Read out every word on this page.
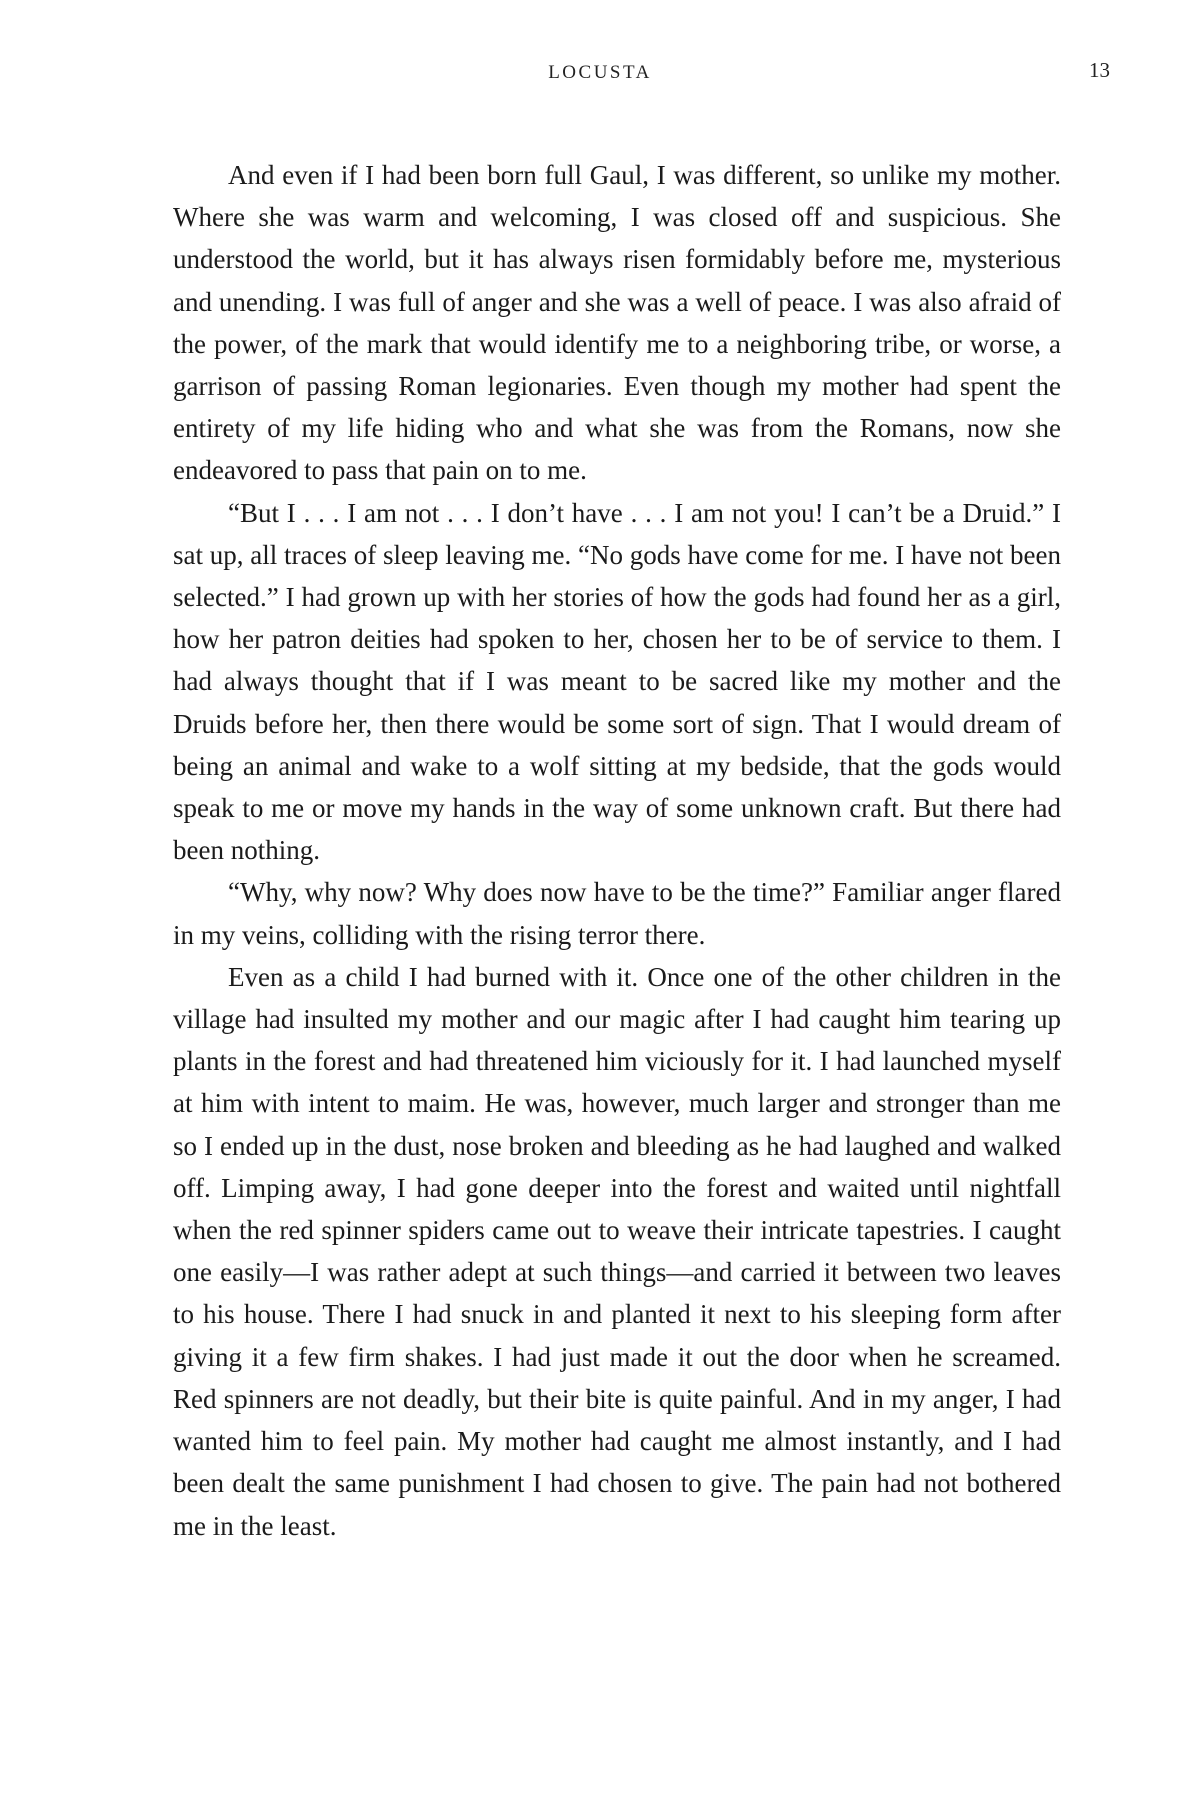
LOCUSTA	13

And even if I had been born full Gaul, I was different, so unlike my mother. Where she was warm and welcoming, I was closed off and suspicious. She understood the world, but it has always risen formidably before me, mysterious and unending. I was full of anger and she was a well of peace. I was also afraid of the power, of the mark that would identify me to a neighboring tribe, or worse, a garrison of passing Roman legionaries. Even though my mother had spent the entirety of my life hiding who and what she was from the Romans, now she endeavored to pass that pain on to me.

“But I . . . I am not . . . I don’t have . . . I am not you! I can’t be a Druid.” I sat up, all traces of sleep leaving me. “No gods have come for me. I have not been selected.” I had grown up with her stories of how the gods had found her as a girl, how her patron deities had spoken to her, chosen her to be of service to them. I had always thought that if I was meant to be sacred like my mother and the Druids before her, then there would be some sort of sign. That I would dream of being an animal and wake to a wolf sitting at my bedside, that the gods would speak to me or move my hands in the way of some unknown craft. But there had been nothing.

“Why, why now? Why does now have to be the time?” Familiar anger flared in my veins, colliding with the rising terror there.

Even as a child I had burned with it. Once one of the other children in the village had insulted my mother and our magic after I had caught him tearing up plants in the forest and had threatened him viciously for it. I had launched myself at him with intent to maim. He was, however, much larger and stronger than me so I ended up in the dust, nose broken and bleeding as he had laughed and walked off. Limping away, I had gone deeper into the forest and waited until nightfall when the red spinner spiders came out to weave their intricate tapestries. I caught one easily—I was rather adept at such things—and carried it between two leaves to his house. There I had snuck in and planted it next to his sleeping form after giving it a few firm shakes. I had just made it out the door when he screamed. Red spinners are not deadly, but their bite is quite painful. And in my anger, I had wanted him to feel pain. My mother had caught me almost instantly, and I had been dealt the same punishment I had chosen to give. The pain had not bothered me in the least.
